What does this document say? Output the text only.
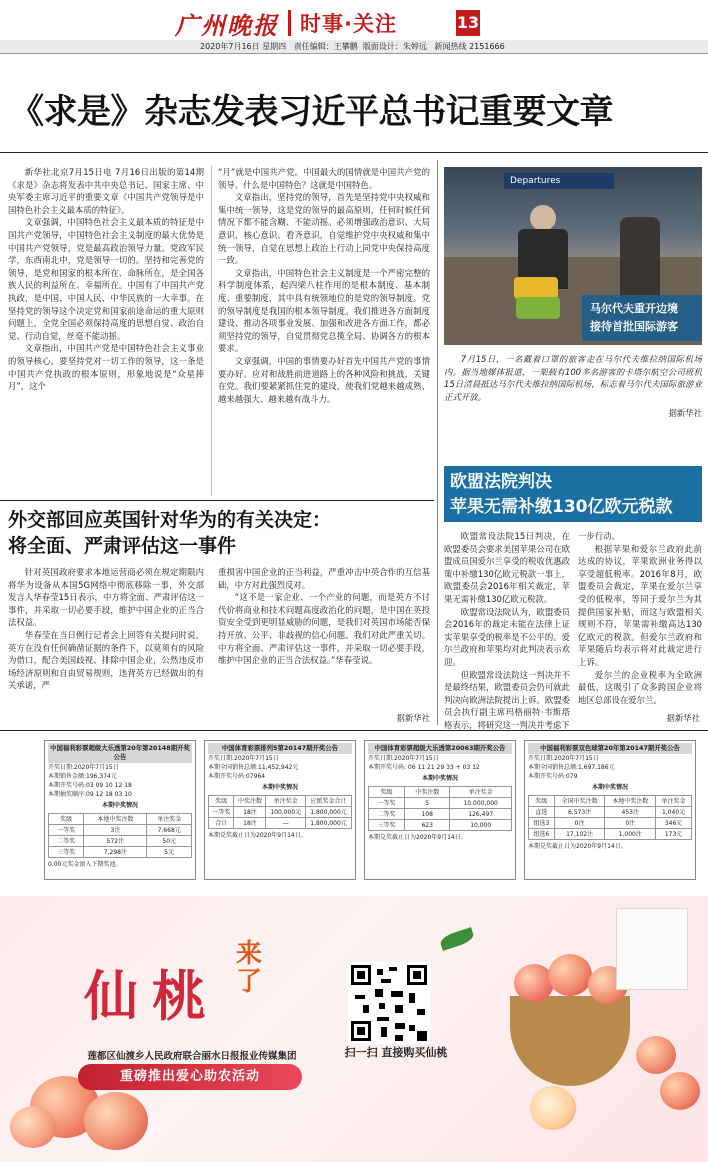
广州晚报 时事·关注	13
2020年7月16日 星期四 责任编辑：王攀鹏 版面设计：朱婷远 新闻热线 2151666
《求是》杂志发表习近平总书记重要文章

新华社北京7月15日电 7月16日出版的第14期《求是》杂志将发表中共中央总书记、国家主席、中央军委主席习近平的重要文章《中国共产党领导是中国特色社会主义最本质的特征》。

文章强调，中国特色社会主义最本质的特征是中国共产党领导，中国特色社会主义制度的最大优势是中国共产党领导，党是最高政治领导力量。党政军民学，东西南北中，党是领导一切的。坚持和完善党的领导，是党和国家的根本所在、命脉所在，是全国各族人民的利益所在、幸福所在。中国有了中国共产党执政，是中国、中国人民、中华民族的一大幸事。在坚持党的领导这个决定党和国家前途命运的重大原则问题上，全党全国必须保持高度的思想自觉、政治自觉、行动自觉，丝毫不能动摇。

文章指出，中国共产党是中国特色社会主义事业的领导核心。要坚持党对一切工作的领导，这一条是中国共产党执政的根本原则，形象地说是“众星捧月”，这个

“月”就是中国共产党。中国最大的国情就是中国共产党的领导。什么是中国特色？这就是中国特色。

文章指出，坚持党的领导，首先是坚持党中央权威和集中统一领导，这是党的领导的最高原则，任何时候任何情况下都不能含糊、不能动摇。必须增强政治意识、大局意识、核心意识、看齐意识，自觉维护党中央权威和集中统一领导，自觉在思想上政治上行动上同党中央保持高度一致。

文章指出，中国特色社会主义制度是一个严密完整的科学制度体系，起四梁八柱作用的是根本制度、基本制度、重要制度，其中具有统领地位的是党的领导制度。党的领导制度是我国的根本领导制度。我们推进各方面制度建设、推动各项事业发展、加强和改进各方面工作，都必须坚持党的领导，自觉贯彻党总揽全局、协调各方的根本要求。

文章强调，中国的事情要办好首先中国共产党的事情要办好。应对和战胜前进道路上的各种风险和挑战，关键在党。我们要紧紧抓住党的建设，使我们党越来越成熟、越来越强大、越来越有战斗力。

Departures
马尔代夫重开边境
接待首批国际游客

7月15日，一名戴着口罩的旅客走在马尔代夫维拉纳国际机场内。据当地媒体报道，一架载有100多名游客的卡塔尔航空公司班机15日清晨抵达马尔代夫维拉纳国际机场，标志着马尔代夫国际旅游业正式开放。

据新华社
欧盟法院判决
苹果无需补缴130亿欧元税款

欧盟常设法院15日判决，在欧盟委员会要求美国苹果公司在欧盟成员国爱尔兰享受的税收优惠政策中补缴130亿欧元税款一事上，欧盟委员会2016年相关裁定，苹果无需补缴130亿欧元税款。

欧盟常设法院认为，欧盟委员会2016年的裁定未能在法律上证实苹果享受的税率是不公平的。爱尔兰政府和苹果均对此判决表示欢迎。

但欧盟常设法院这一判决并不是最终结果，欧盟委员会仍可就此判决向欧洲法院提出上诉。欧盟委员会执行副主席玛格丽特·韦斯塔格表示，将研究这一判决并考虑下

一步行动。

根据苹果和爱尔兰政府此前达成的协议，苹果欧洲业务得以享受超低税率。2016年8月，欧盟委员会裁定，苹果在爱尔兰享受的低税率，等同于爱尔兰为其提供国家补贴，而这与欧盟相关规则不符，苹果需补缴高达130亿欧元的税款。但爱尔兰政府和苹果随后均表示将对此裁定进行上诉。

爱尔兰的企业税率为全欧洲最低，这吸引了众多跨国企业将地区总部设在爱尔兰。

据新华社
外交部回应英国针对华为的有关决定：
将全面、严肃评估这一事件

针对英国政府要求本地运营商必须在规定期限内将华为设备从本国5G网络中彻底移除一事，外交部发言人华春莹15日表示，中方将全面、严肃评估这一事件，并采取一切必要手段，维护中国企业的正当合法权益。

华春莹在当日例行记者会上回答有关提问时说，英方在没有任何确凿证据的条件下，以莫须有的风险为借口，配合美国歧视、排除中国企业，公然违反市场经济原则和自由贸易规则，违背英方已经做出的有关承诺，严

重损害中国企业的正当利益，严重冲击中英合作的互信基础，中方对此强烈反对。

“这不是一家企业、一个产业的问题，而是英方不讨代价将商业和技术问题高度政治化的问题，是中国在英投资安全受到更明显威胁的问题，是我们对英国市场能否保持开放、公平、非歧视的信心问题。我们对此严重关切。中方将全面、严肃评估这一事件，并采取一切必要手段，维护中国企业的正当合法权益。”华春莹说。

据新华社
中国福利彩票超级大乐透第20年第20148期开奖公告
开奖日期:2020年7月15日
本期销售金额:196,374元
本期开奖号码:03 09 10 12 18
本期抽奖顺序:09 12 18 03 10
本期中奖情况
奖级	本地中奖注数	单注奖金
一等奖	3注	7,668元
二等奖	572注	50元
三等奖	7,298注	5元
0.00元奖金滚入下期奖池。
中国体育彩票排列5第20147期开奖公告
开奖日期:2020年7月15日
本期全国销售总额:11,452,942元
本期开奖号码:07964
本期中奖情况
奖级	中奖注数	单注奖金	应派奖金合计
一等奖	18注	100,000元	1,800,000元
合计	18注	—	1,800,000元
本期兑奖截止日为2020年9月14日。
中国体育彩票超级大乐透第20063期开奖公告
开奖日期:2020年7月15日
本期开奖号码: 06 11 21 29 33 + 03 12
本期中奖情况
奖级	中奖注数	单注奖金
一等奖	5	10,000,000
二等奖	108	126,497
三等奖	623	10,000
本期兑奖截止日为2020年9月14日。
中国福利彩票双色球第20年第20147期开奖公告
开奖日期:2020年7月15日
本期全国销售总额:1,697,186元
本期开奖号码:079
本期中奖情况
奖级	全国中奖注数	本地中奖注数	单注奖金
直选	6,573注	453注	1,040元
组选3	0注	0注	346元
组选6	17,102注	1,000注	173元
本期兑奖截止日为2020年9月14日。
仙桃
来了
莲都区仙渡乡人民政府联合丽水日报报业传媒集团
重磅推出爱心助农活动
扫一扫 直接购买仙桃
